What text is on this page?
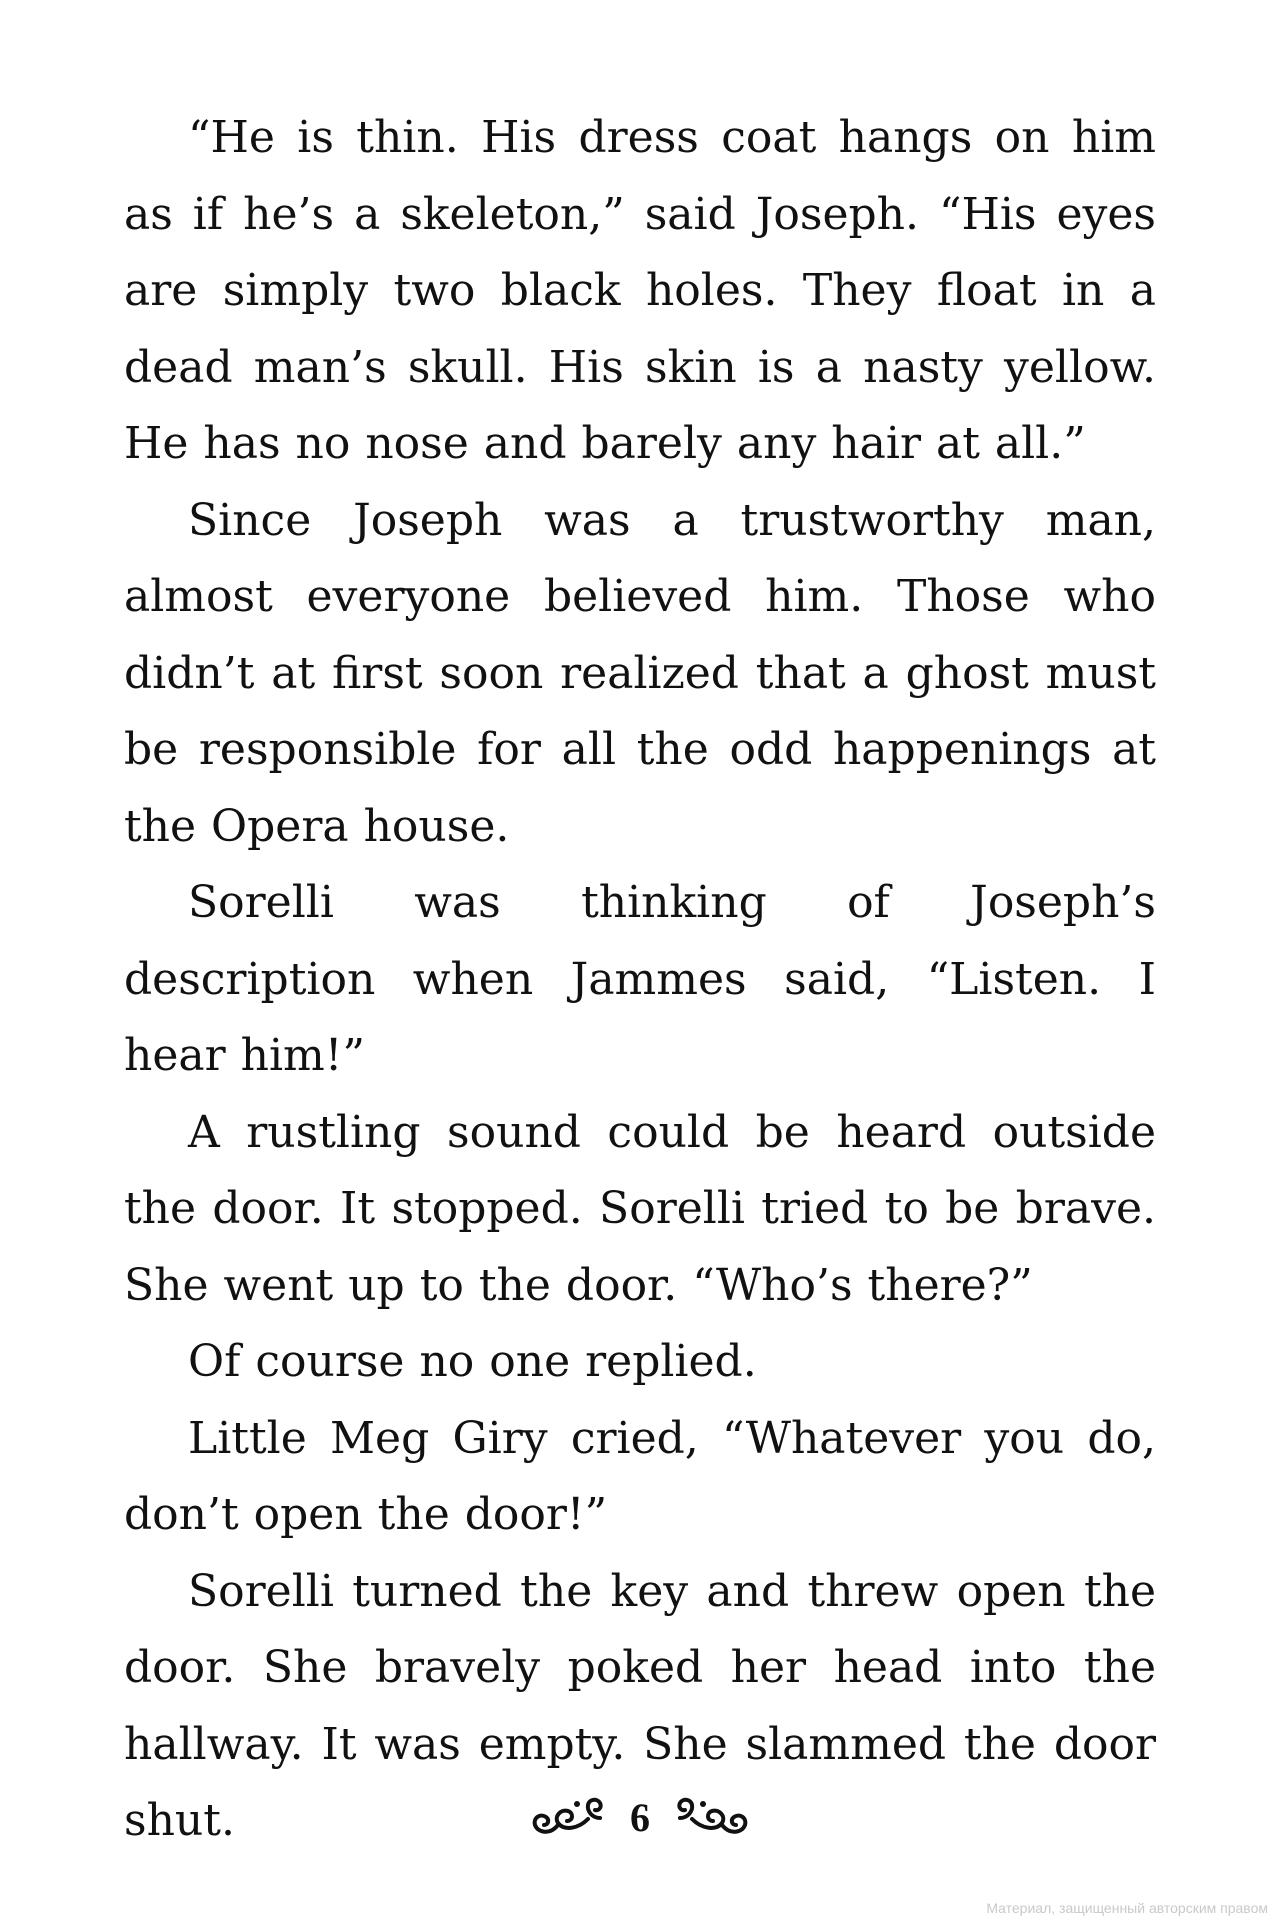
“He is thin. His dress coat hangs on him as if he’s a skeleton,” said Joseph. “His eyes are simply two black holes. They float in a dead man’s skull. His skin is a nasty yellow. He has no nose and barely any hair at all.”

Since Joseph was a trustworthy man, almost everyone believed him. Those who didn’t at first soon realized that a ghost must be responsible for all the odd happenings at the Opera house.

Sorelli was thinking of Joseph’s description when Jammes said, “Listen. I hear him!”

A rustling sound could be heard outside the door. It stopped. Sorelli tried to be brave. She went up to the door. “Who’s there?”

Of course no one replied.

Little Meg Giry cried, “Whatever you do, don’t open the door!”

Sorelli turned the key and threw open the door. She bravely poked her head into the hallway. It was empty. She slammed the door shut.	6
Материал, защищенный авторским правом
